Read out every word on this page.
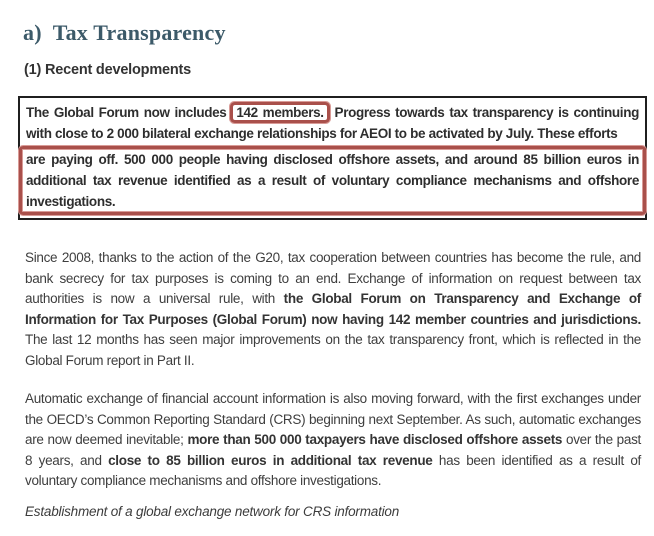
a) Tax Transparency
(1) Recent developments
The Global Forum now includes 142 members. Progress towards tax transparency is continuing with close to 2 000 bilateral exchange relationships for AEOI to be activated by July. These efforts
are paying off. 500 000 people having disclosed offshore assets, and around 85 billion euros in additional tax revenue identified as a result of voluntary compliance mechanisms and offshore investigations.
Since 2008, thanks to the action of the G20, tax cooperation between countries has become the rule, and bank secrecy for tax purposes is coming to an end. Exchange of information on request between tax authorities is now a universal rule, with the Global Forum on Transparency and Exchange of Information for Tax Purposes (Global Forum) now having 142 member countries and jurisdictions. The last 12 months has seen major improvements on the tax transparency front, which is reflected in the Global Forum report in Part II.
Automatic exchange of financial account information is also moving forward, with the first exchanges under the OECD’s Common Reporting Standard (CRS) beginning next September. As such, automatic exchanges are now deemed inevitable; more than 500 000 taxpayers have disclosed offshore assets over the past 8 years, and close to 85 billion euros in additional tax revenue has been identified as a result of voluntary compliance mechanisms and offshore investigations.
Establishment of a global exchange network for CRS information
